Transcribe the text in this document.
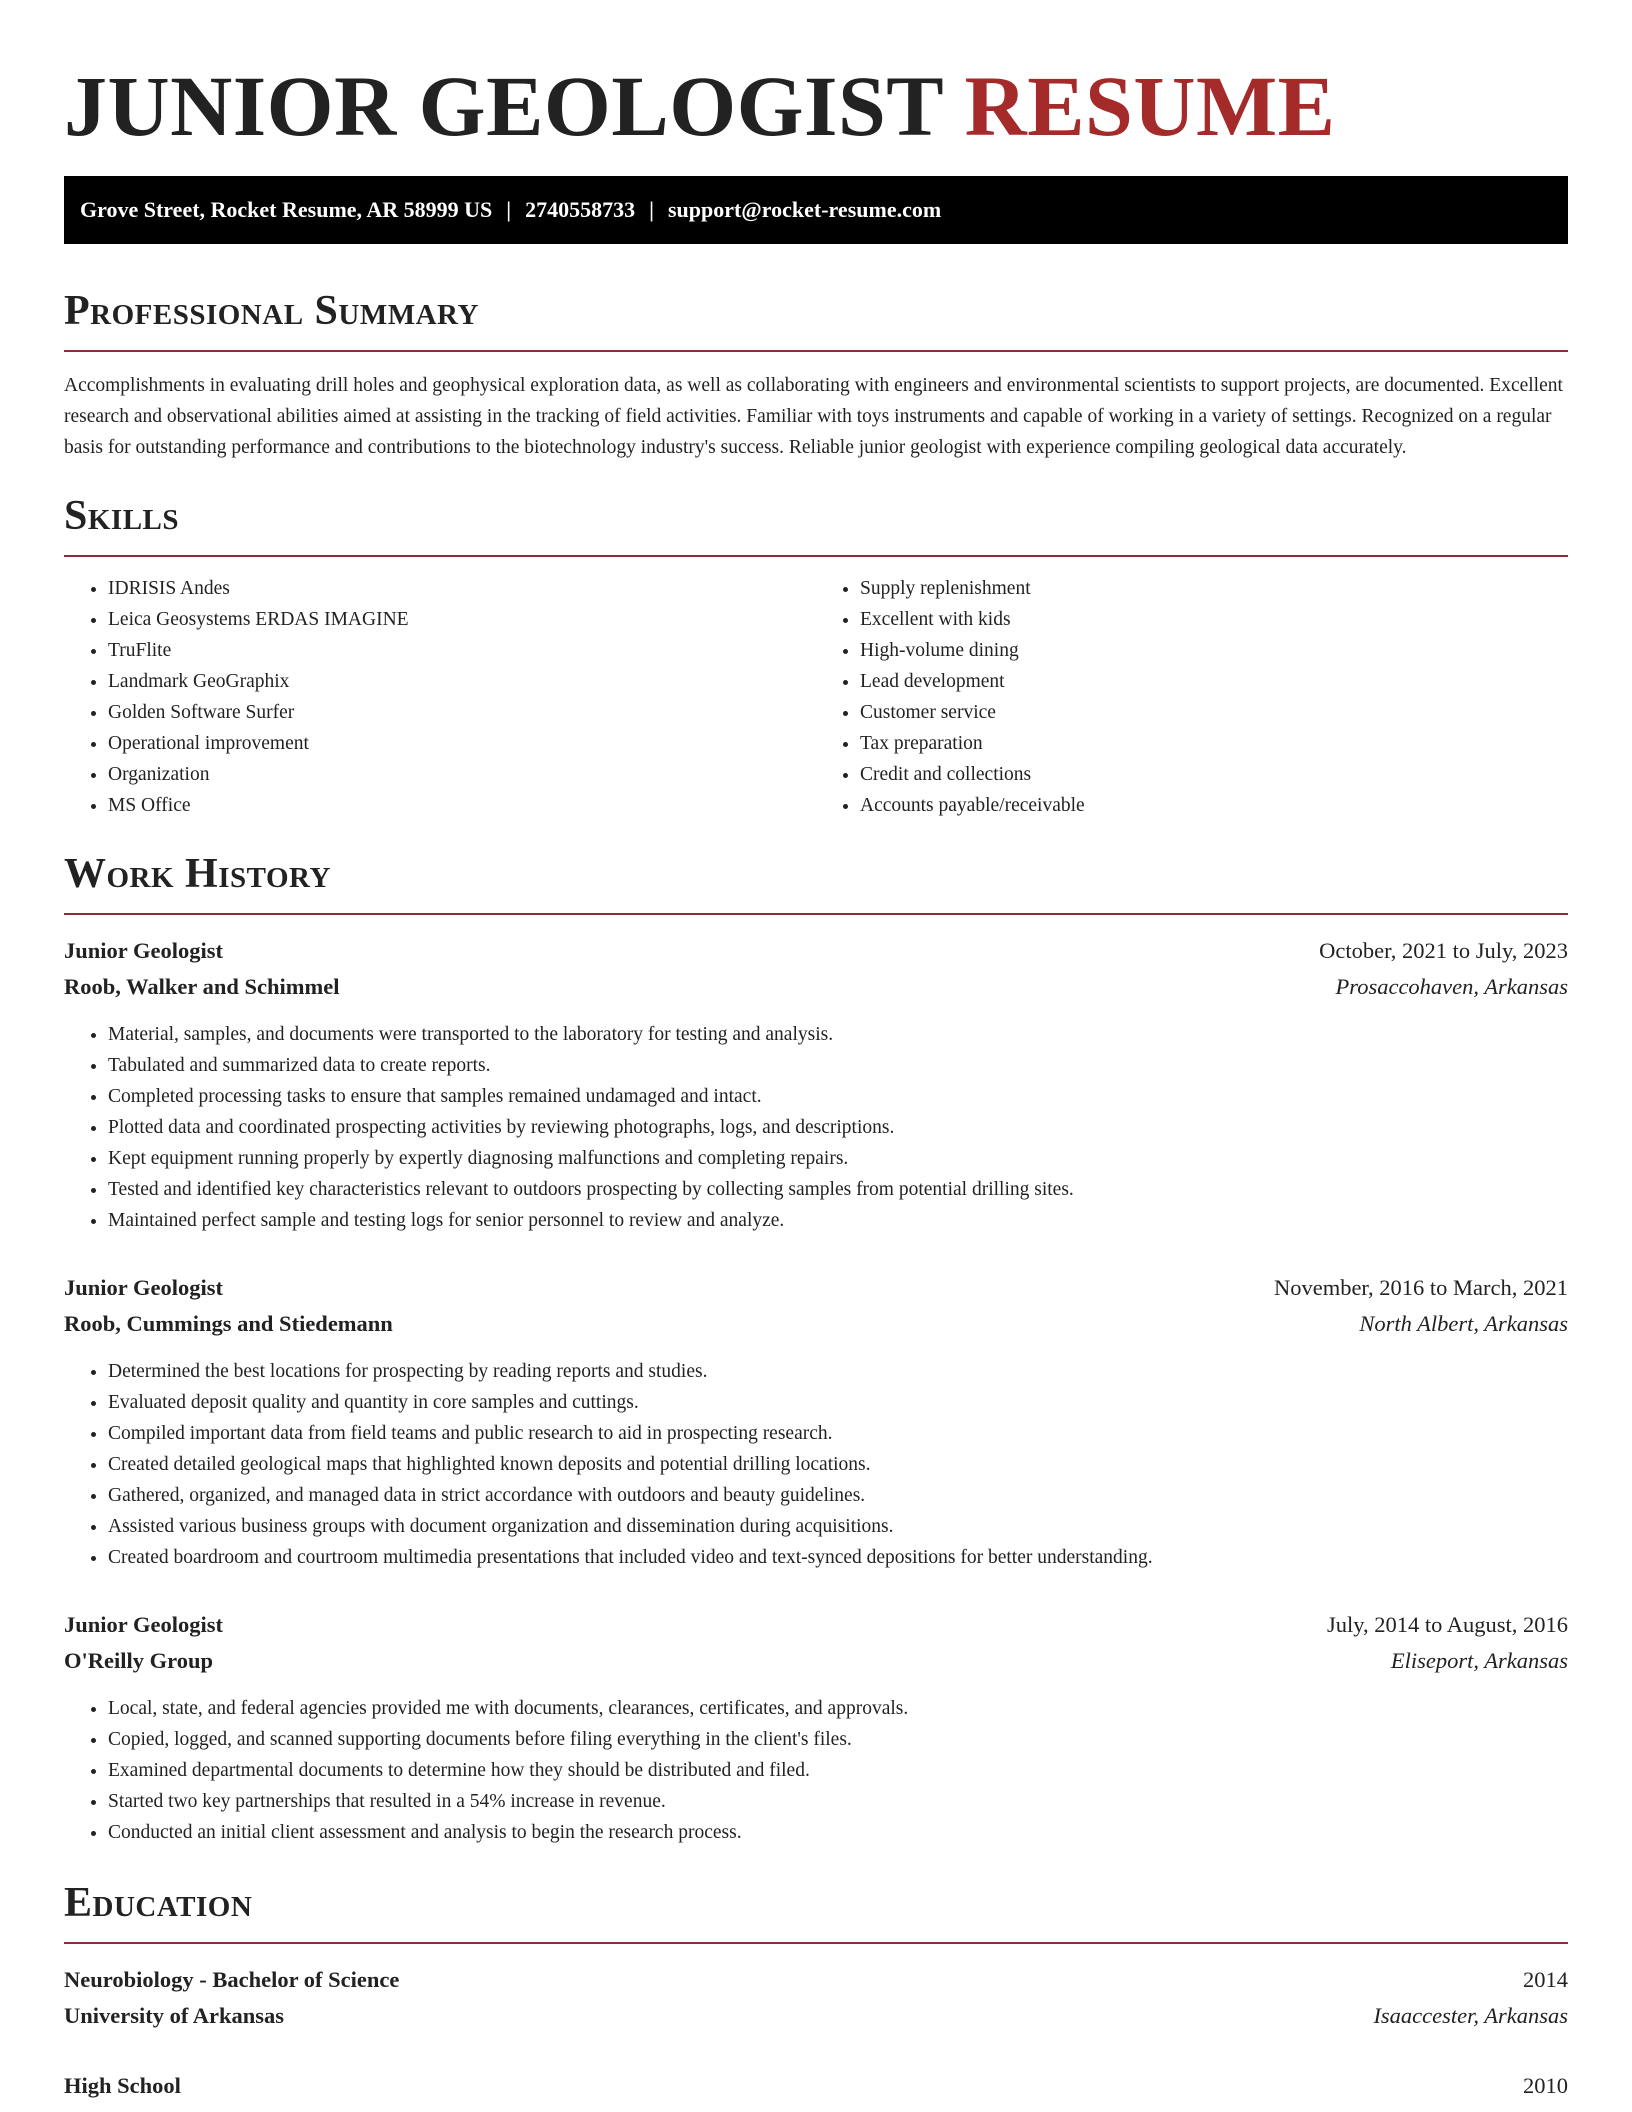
JUNIOR GEOLOGIST RESUME
Grove Street, Rocket Resume, AR 58999 US | 2740558733 | support@rocket-resume.com
Professional Summary

Accomplishments in evaluating drill holes and geophysical exploration data, as well as collaborating with engineers and environmental scientists to support projects, are documented. Excellent research and observational abilities aimed at assisting in the tracking of field activities. Familiar with toys instruments and capable of working in a variety of settings. Recognized on a regular basis for outstanding performance and contributions to the biotechnology industry's success. Reliable junior geologist with experience compiling geological data accurately.

Skills
• IDRISIS Andes
• Leica Geosystems ERDAS IMAGINE
• TruFlite
• Landmark GeoGraphix
• Golden Software Surfer
• Operational improvement
• Organization
• MS Office
• Supply replenishment
• Excellent with kids
• High-volume dining
• Lead development
• Customer service
• Tax preparation
• Credit and collections
• Accounts payable/receivable
Work History
Junior Geologist	October, 2021 to July, 2023
Roob, Walker and Schimmel	Prosaccohaven, Arkansas
• Material, samples, and documents were transported to the laboratory for testing and analysis.
• Tabulated and summarized data to create reports.
• Completed processing tasks to ensure that samples remained undamaged and intact.
• Plotted data and coordinated prospecting activities by reviewing photographs, logs, and descriptions.
• Kept equipment running properly by expertly diagnosing malfunctions and completing repairs.
• Tested and identified key characteristics relevant to outdoors prospecting by collecting samples from potential drilling sites.
• Maintained perfect sample and testing logs for senior personnel to review and analyze.
Junior Geologist	November, 2016 to March, 2021
Roob, Cummings and Stiedemann	North Albert, Arkansas
• Determined the best locations for prospecting by reading reports and studies.
• Evaluated deposit quality and quantity in core samples and cuttings.
• Compiled important data from field teams and public research to aid in prospecting research.
• Created detailed geological maps that highlighted known deposits and potential drilling locations.
• Gathered, organized, and managed data in strict accordance with outdoors and beauty guidelines.
• Assisted various business groups with document organization and dissemination during acquisitions.
• Created boardroom and courtroom multimedia presentations that included video and text-synced depositions for better understanding.
Junior Geologist	July, 2014 to August, 2016
O'Reilly Group	Eliseport, Arkansas
• Local, state, and federal agencies provided me with documents, clearances, certificates, and approvals.
• Copied, logged, and scanned supporting documents before filing everything in the client's files.
• Examined departmental documents to determine how they should be distributed and filed.
• Started two key partnerships that resulted in a 54% increase in revenue.
• Conducted an initial client assessment and analysis to begin the research process.
Education
Neurobiology - Bachelor of Science	2014
University of Arkansas	Isaaccester, Arkansas
High School	2010
